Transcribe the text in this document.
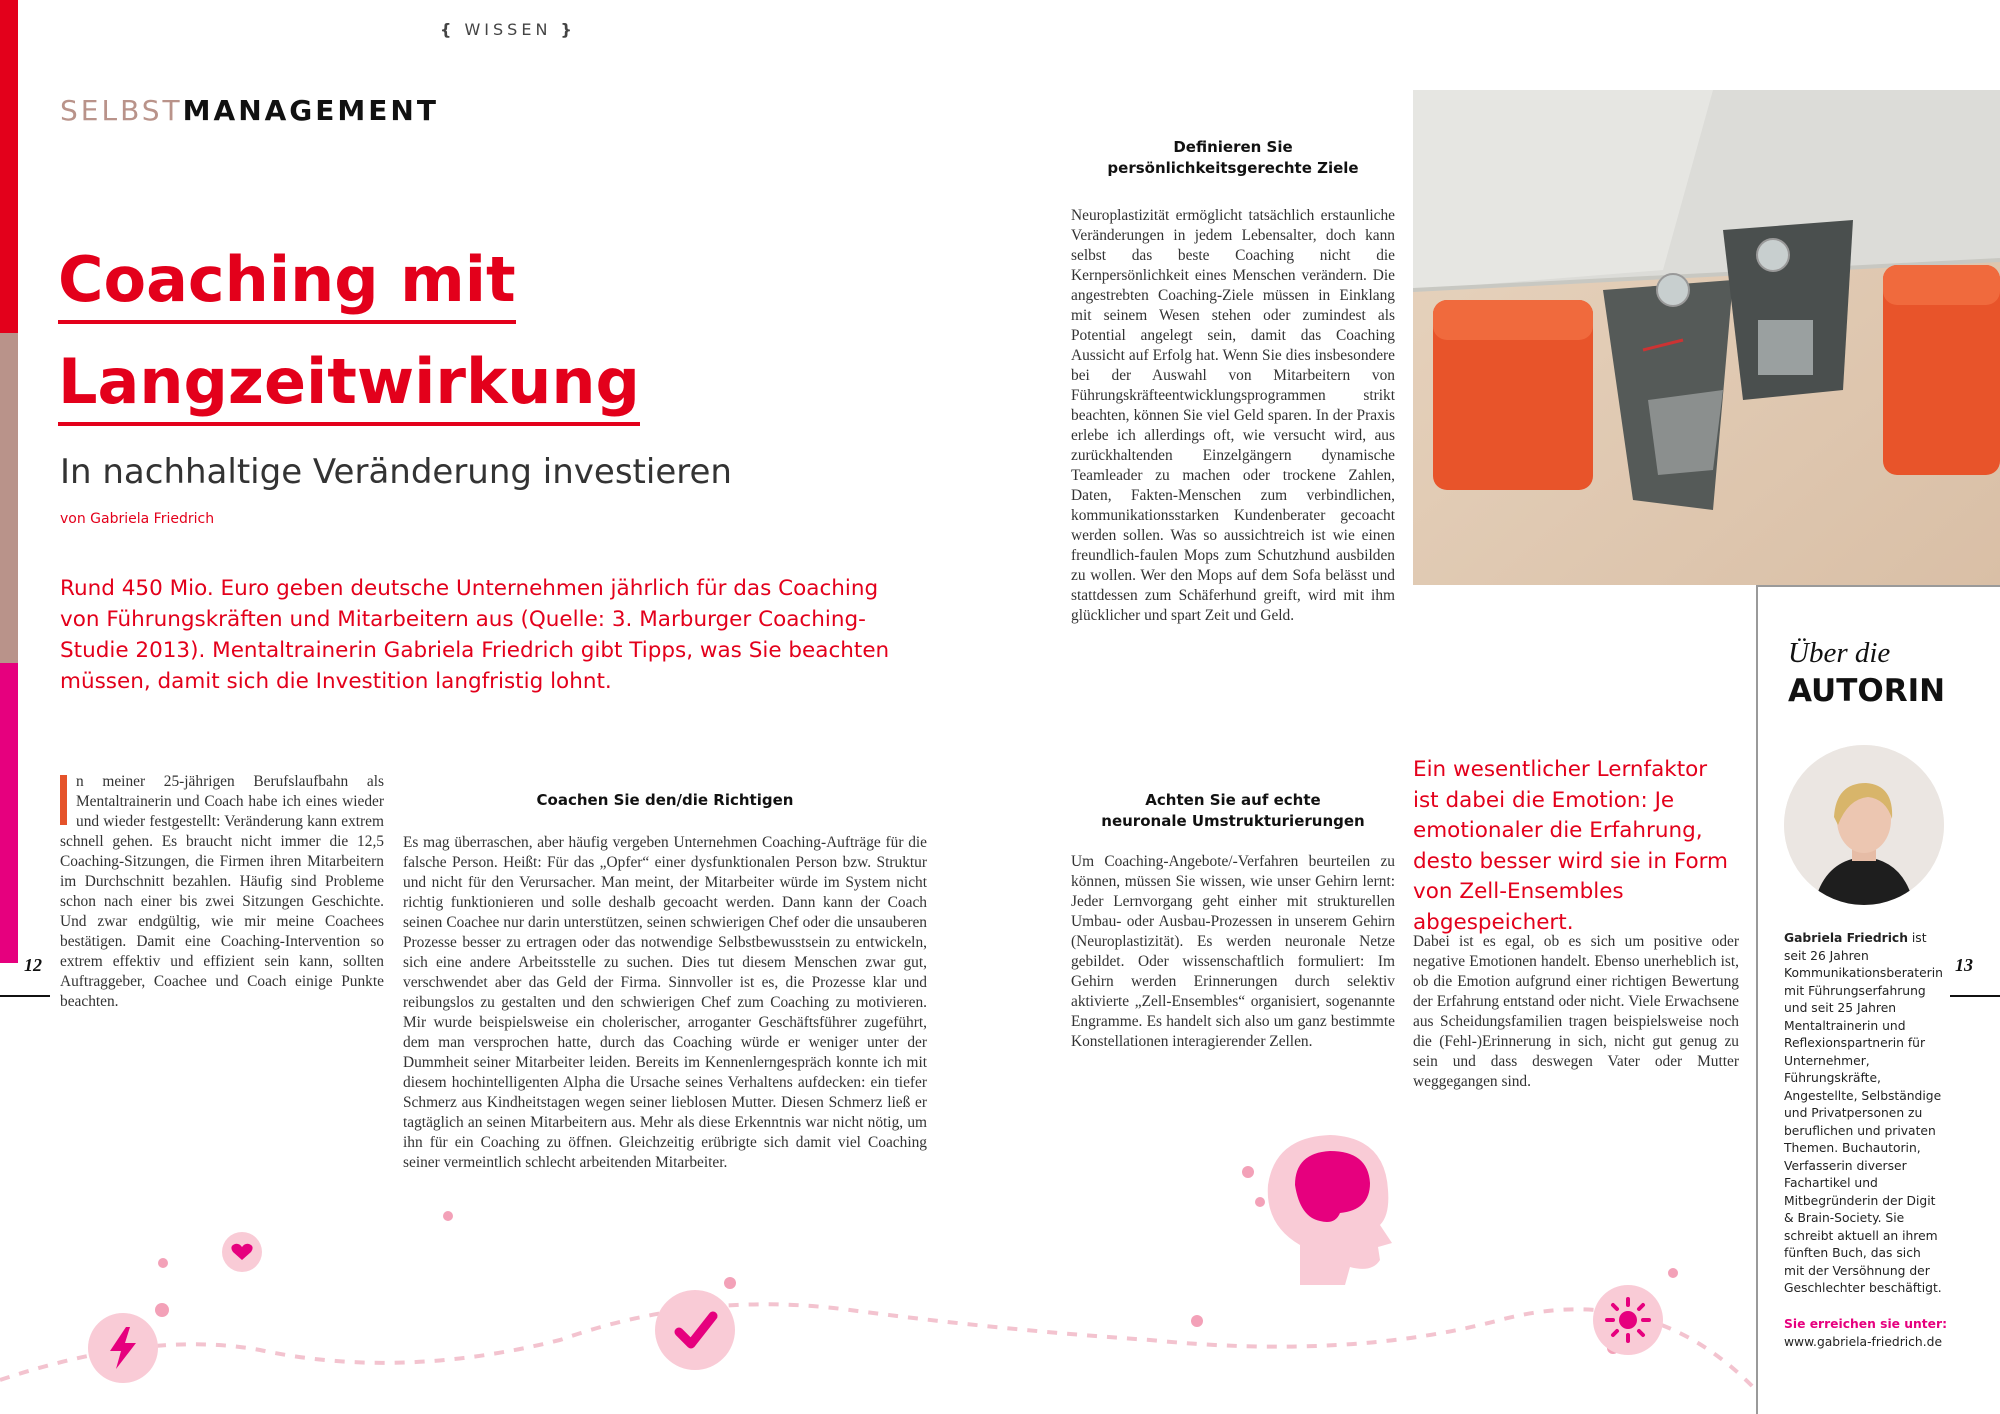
{ WISSEN }
SELBSTMANAGEMENT
Coaching mit
Langzeitwirkung
In nachhaltige Veränderung investieren
von Gabriela Friedrich
Rund 450 Mio. Euro geben deutsche Unternehmen jährlich für das Coaching von Führungskräften und Mitarbeitern aus (Quelle: 3. Marburger Coaching-Studie 2013). Mentaltrainerin Gabriela Friedrich gibt Tipps, was Sie beachten müssen, damit sich die Investition langfristig lohnt.
I	n meiner 25-jährigen Berufslaufbahn als Mentaltrainerin und Coach habe ich eines wieder und wieder festgestellt: Veränderung kann extrem schnell gehen. Es braucht nicht immer die 12,5 Coaching-Sitzungen, die Firmen ihren Mitarbeitern im Durchschnitt bezahlen. Häufig sind Probleme schon nach einer bis zwei Sitzungen Geschichte. Und zwar endgültig, wie mir meine Coachees bestätigen. Damit eine Coaching-Intervention so extrem effektiv und effizient sein kann, sollten Auftraggeber, Coachee und Coach einige Punkte beachten.
Coachen Sie den/die Richtigen
Es mag überraschen, aber häufig vergeben Unternehmen Coaching-Aufträge für die falsche Person. Heißt: Für das „Opfer“ einer dysfunktionalen Person bzw. Struktur und nicht für den Verursacher. Man meint, der Mitarbeiter würde im System nicht richtig funktionieren und solle deshalb gecoacht werden. Dann kann der Coach seinen Coachee nur darin unterstützen, seinen schwierigen Chef oder die unsauberen Prozesse besser zu ertragen oder das notwendige Selbstbewusstsein zu entwickeln, sich eine andere Arbeitsstelle zu suchen. Dies tut diesem Menschen zwar gut, verschwendet aber das Geld der Firma. Sinnvoller ist es, die Prozesse klar und reibungslos zu gestalten und den schwierigen Chef zum Coaching zu motivieren. Mir wurde beispielsweise ein cholerischer, arroganter Geschäftsführer zugeführt, dem man versprochen hatte, durch das Coaching würde er weniger unter der Dummheit seiner Mitarbeiter leiden. Bereits im Kennenlerngespräch konnte ich mit diesem hochintelligenten Alpha die Ursache seines Verhaltens aufdecken: ein tiefer Schmerz aus Kindheitstagen wegen seiner lieblosen Mutter. Diesen Schmerz ließ er tagtäglich an seinen Mitarbeitern aus. Mehr als diese Erkenntnis war nicht nötig, um ihn für ein Coaching zu öffnen. Gleichzeitig erübrigte sich damit viel Coaching seiner vermeintlich schlecht arbeitenden Mitarbeiter.
Definieren Sie
persönlichkeitsgerechte Ziele
Neuroplastizität ermöglicht tatsächlich erstaunliche Veränderungen in jedem Lebensalter, doch kann selbst das beste Coaching nicht die Kernpersönlichkeit eines Menschen verändern. Die angestrebten Coaching-Ziele müssen in Einklang mit seinem Wesen stehen oder zumindest als Potential angelegt sein, damit das Coaching Aussicht auf Erfolg hat. Wenn Sie dies insbesondere bei der Auswahl von Mitarbeitern von Führungskräfteentwicklungsprogrammen strikt beachten, können Sie viel Geld sparen. In der Praxis erlebe ich allerdings oft, wie versucht wird, aus zurückhaltenden Einzelgängern dynamische Teamleader zu machen oder trockene Zahlen, Daten, Fakten-Menschen zum verbindlichen, kommunikationsstarken Kundenberater gecoacht werden sollen. Was so aussichtreich ist wie einen freundlich-faulen Mops zum Schutzhund ausbilden zu wollen. Wer den Mops auf dem Sofa belässt und stattdessen zum Schäferhund greift, wird mit ihm glücklicher und spart Zeit und Geld.
Achten Sie auf echte
neuronale Umstrukturierungen
Um Coaching-Angebote/-Verfahren beurteilen zu können, müssen Sie wissen, wie unser Gehirn lernt: Jeder Lernvorgang geht einher mit strukturellen Umbau- oder Ausbau-Prozessen in unserem Gehirn (Neuroplastizität). Es werden neuronale Netze gebildet. Oder wissenschaftlich formuliert: Im Gehirn werden Erinnerungen durch selektiv aktivierte „Zell-Ensembles“ organisiert, sogenannte Engramme. Es handelt sich also um ganz bestimmte Konstellationen interagierender Zellen.
Ein wesentlicher Lernfaktor ist dabei die Emotion: Je emotionaler die Erfahrung, desto besser wird sie in Form von Zell-Ensembles abgespeichert.
Dabei ist es egal, ob es sich um positive oder negative Emotionen handelt. Ebenso unerheblich ist, ob die Emotion aufgrund einer richtigen Bewertung der Erfahrung entstand oder nicht. Viele Erwachsene aus Scheidungsfamilien tragen beispielsweise noch die (Fehl-)Erinnerung in sich, nicht gut genug zu sein und dass deswegen Vater oder Mutter weggegangen sind.
Über die
AUTORIN
Gabriela Friedrich ist seit 26 Jahren Kommunikationsberaterin mit Führungserfahrung und seit 25 Jahren Mentaltrainerin und Reflexionspartnerin für Unternehmer, Führungskräfte, Angestellte, Selbständige und Privatpersonen zu beruflichen und privaten Themen. Buchautorin, Verfasserin diverser Fachartikel und Mitbegründerin der Digit & Brain-Society. Sie schreibt aktuell an ihrem fünften Buch, das sich mit der Versöhnung der Geschlechter beschäftigt.
Sie erreichen sie unter:
www.gabriela-friedrich.de
12	13
